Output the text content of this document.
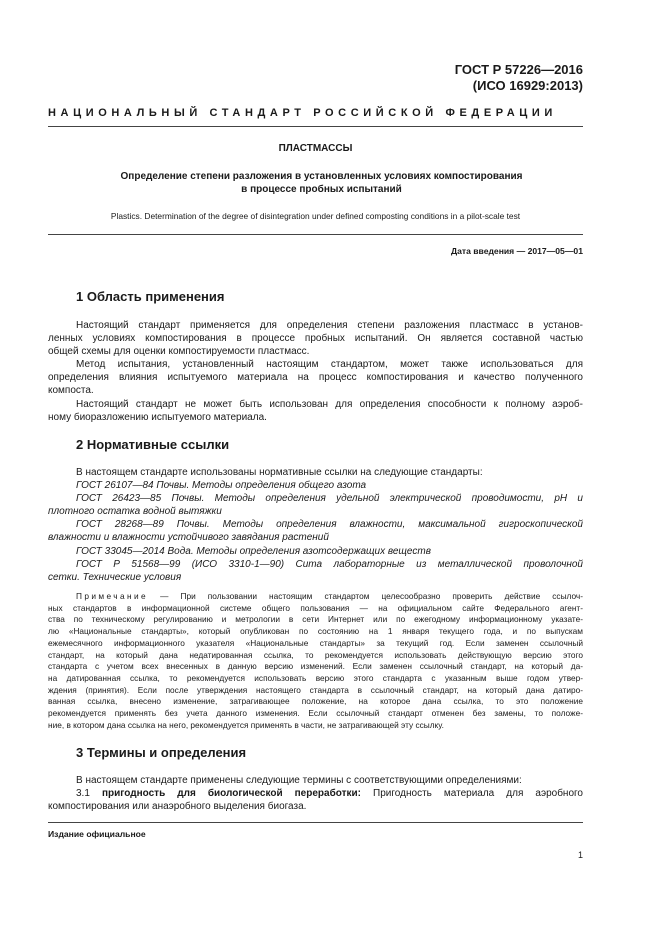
ГОСТ Р 57226—2016
(ИСО 16929:2013)
НАЦИОНАЛЬНЫЙ СТАНДАРТ РОССИЙСКОЙ ФЕДЕРАЦИИ
ПЛАСТМАССЫ
Определение степени разложения в установленных условиях компостирования
в процессе пробных испытаний
Plastics. Determination of the degree of disintegration under defined composting conditions in a pilot-scale test
Дата введения — 2017—05—01
1 Область применения
Настоящий стандарт применяется для определения степени разложения пластмасс в установ-
ленных условиях компостирования в процессе пробных испытаний. Он является составной частью
общей схемы для оценки компостируемости пластмасс.
Метод испытания, установленный настоящим стандартом, может также использоваться для
определения влияния испытуемого материала на процесс компостирования и качество полученного
компоста.
Настоящий стандарт не может быть использован для определения способности к полному аэроб-
ному биоразложению испытуемого материала.
2 Нормативные ссылки
В настоящем стандарте использованы нормативные ссылки на следующие стандарты:
ГОСТ 26107—84 Почвы. Методы определения общего азота
ГОСТ 26423—85 Почвы. Методы определения удельной электрической проводимости, рН и
плотного остатка водной вытяжки
ГОСТ 28268—89 Почвы. Методы определения влажности, максимальной гигроскопической
влажности и влажности устойчивого завядания растений
ГОСТ 33045—2014 Вода. Методы определения азотсодержащих веществ
ГОСТ Р 51568—99 (ИСО 3310-1—90) Сита лабораторные из металлической проволочной
сетки. Технические условия
Примечание — При пользовании настоящим стандартом целесообразно проверить действие ссылоч-
ных стандартов в информационной системе общего пользования — на официальном сайте Федерального агент-
ства по техническому регулированию и метрологии в сети Интернет или по ежегодному информационному указате-
лю «Национальные стандарты», который опубликован по состоянию на 1 января текущего года, и по выпускам
ежемесячного информационного указателя «Национальные стандарты» за текущий год. Если заменен ссылочный
стандарт, на который дана недатированная ссылка, то рекомендуется использовать действующую версию этого
стандарта с учетом всех внесенных в данную версию изменений. Если заменен ссылочный стандарт, на который да-
на датированная ссылка, то рекомендуется использовать версию этого стандарта с указанным выше годом утвер-
ждения (принятия). Если после утверждения настоящего стандарта в ссылочный стандарт, на который дана датиро-
ванная ссылка, внесено изменение, затрагивающее положение, на которое дана ссылка, то это положение
рекомендуется применять без учета данного изменения. Если ссылочный стандарт отменен без замены, то положе-
ние, в котором дана ссылка на него, рекомендуется применять в части, не затрагивающей эту ссылку.
3 Термины и определения
В настоящем стандарте применены следующие термины с соответствующими определениями:
3.1 пригодность для биологической переработки: Пригодность материала для аэробного
компостирования или анаэробного выделения биогаза.
Издание официальное
1
